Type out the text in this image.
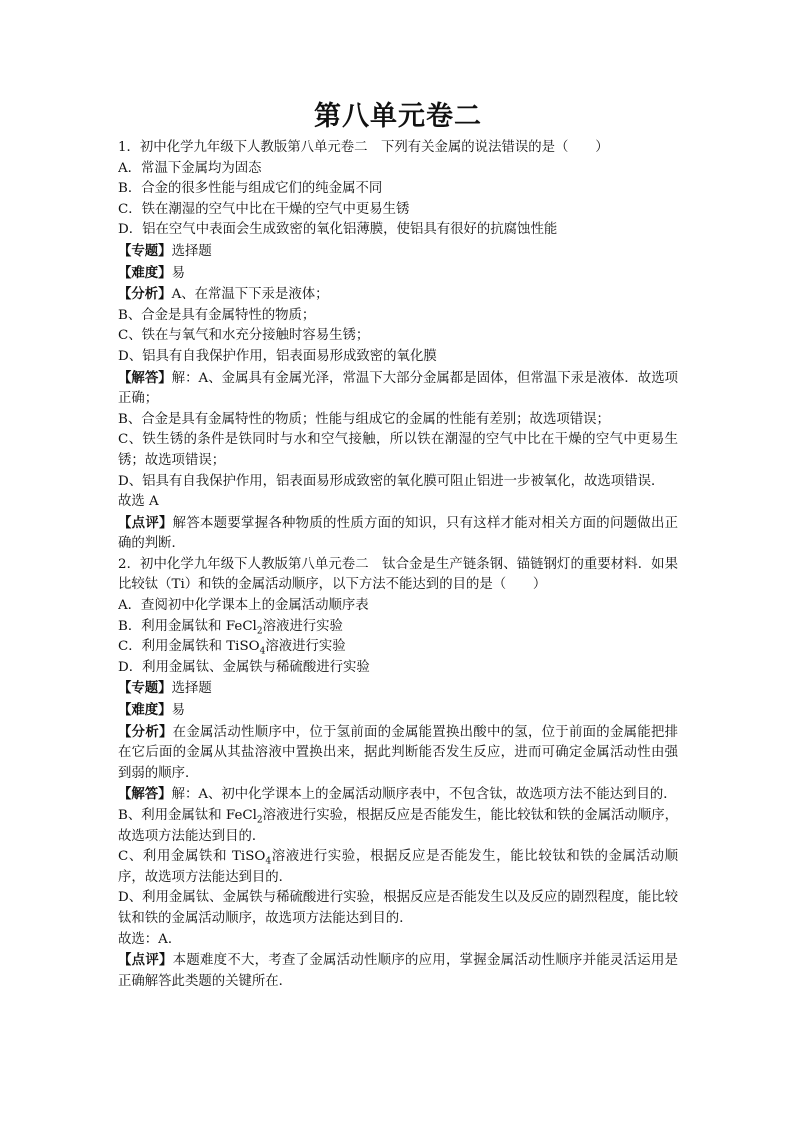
第八单元卷二
1．初中化学九年级下人教版第八单元卷二　下列有关金属的说法错误的是（　　）
A．常温下金属均为固态
B．合金的很多性能与组成它们的纯金属不同
C．铁在潮湿的空气中比在干燥的空气中更易生锈
D．铝在空气中表面会生成致密的氧化铝薄膜，使铝具有很好的抗腐蚀性能
【专题】选择题
【难度】易
【分析】A、在常温下下汞是液体；
B、合金是具有金属特性的物质；
C、铁在与氧气和水充分接触时容易生锈；
D、铝具有自我保护作用，铝表面易形成致密的氧化膜
【解答】解：A、金属具有金属光泽，常温下大部分金属都是固体，但常温下汞是液体．故选项正确；
B、合金是具有金属特性的物质；性能与组成它的金属的性能有差别；故选项错误；
C、铁生锈的条件是铁同时与水和空气接触，所以铁在潮湿的空气中比在干燥的空气中更易生锈；故选项错误；
D、铝具有自我保护作用，铝表面易形成致密的氧化膜可阻止铝进一步被氧化，故选项错误．
故选 A
【点评】解答本题要掌握各种物质的性质方面的知识，只有这样才能对相关方面的问题做出正确的判断．
2．初中化学九年级下人教版第八单元卷二　钛合金是生产链条钢、锚链钢灯的重要材料．如果比较钛（Ti）和铁的金属活动顺序，以下方法不能达到的目的是（　　）
A．查阅初中化学课本上的金属活动顺序表
B．利用金属钛和 FeCl$_2$溶液进行实验
C．利用金属铁和 TiSO$_4$溶液进行实验
D．利用金属钛、金属铁与稀硫酸进行实验
【专题】选择题
【难度】易
【分析】在金属活动性顺序中，位于氢前面的金属能置换出酸中的氢，位于前面的金属能把排在它后面的金属从其盐溶液中置换出来，据此判断能否发生反应，进而可确定金属活动性由强到弱的顺序．
【解答】解：A、初中化学课本上的金属活动顺序表中，不包含钛，故选项方法不能达到目的．
B、利用金属钛和 FeCl$_2$溶液进行实验，根据反应是否能发生，能比较钛和铁的金属活动顺序，故选项方法能达到目的．
C、利用金属铁和 TiSO$_4$溶液进行实验，根据反应是否能发生，能比较钛和铁的金属活动顺序，故选项方法能达到目的．
D、利用金属钛、金属铁与稀硫酸进行实验，根据反应是否能发生以及反应的剧烈程度，能比较钛和铁的金属活动顺序，故选项方法能达到目的．
故选：A．
【点评】本题难度不大，考查了金属活动性顺序的应用，掌握金属活动性顺序并能灵活运用是正确解答此类题的关键所在．
